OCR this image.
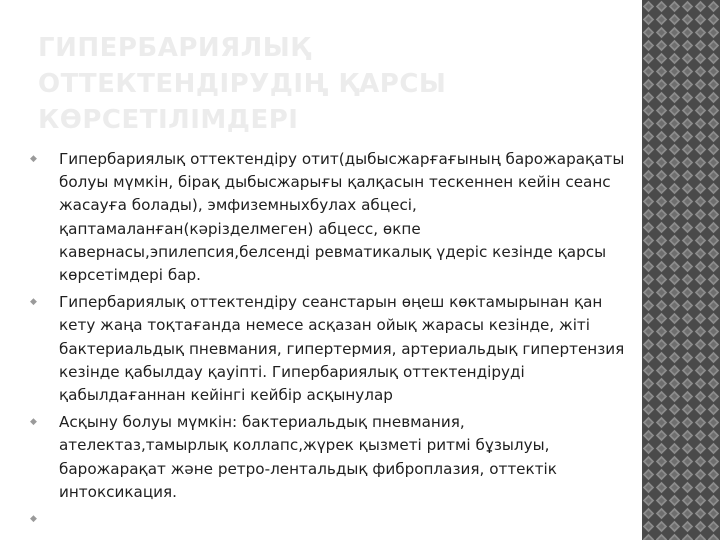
ГИПЕРБАРИЯЛЫҚ
ОТТЕКТЕНДІРУДІҢ ҚАРСЫ
КӨРСЕТІЛІМДЕРІ
◆ Гипербариялық оттектендіру отит(дыбысжарғағының барожарақаты болуы мүмкін, бірақ дыбысжарығы қалқасын тескеннен кейін сеанс жасауға болады), эмфиземныхбулах абцесі, қаптамаланған(кәрізделмеген) абцесс, өкпе кавернасы,эпилепсия,белсенді ревматикалық үдеріс кезінде қарсы көрсетімдері бар.
◆ Гипербариялық оттектендіру сеанстарын өңеш көктамырынан қан кету жаңа тоқтағанда немесе асқазан ойық жарасы кезінде, жіті бактериальдық пневмания, гипертермия, артериальдық гипертензия кезінде қабылдау қауіпті. Гипербариялық оттектендіруді қабылдағаннан кейінгі кейбір асқынулар
◆ Асқыну болуы мүмкін: бактериальдық пневмания, ателектаз,тамырлық коллапс,жүрек қызметі ритмі бұзылуы, барожарақат және ретро-лентальдық фиброплазия, оттектік интоксикация.
◆
